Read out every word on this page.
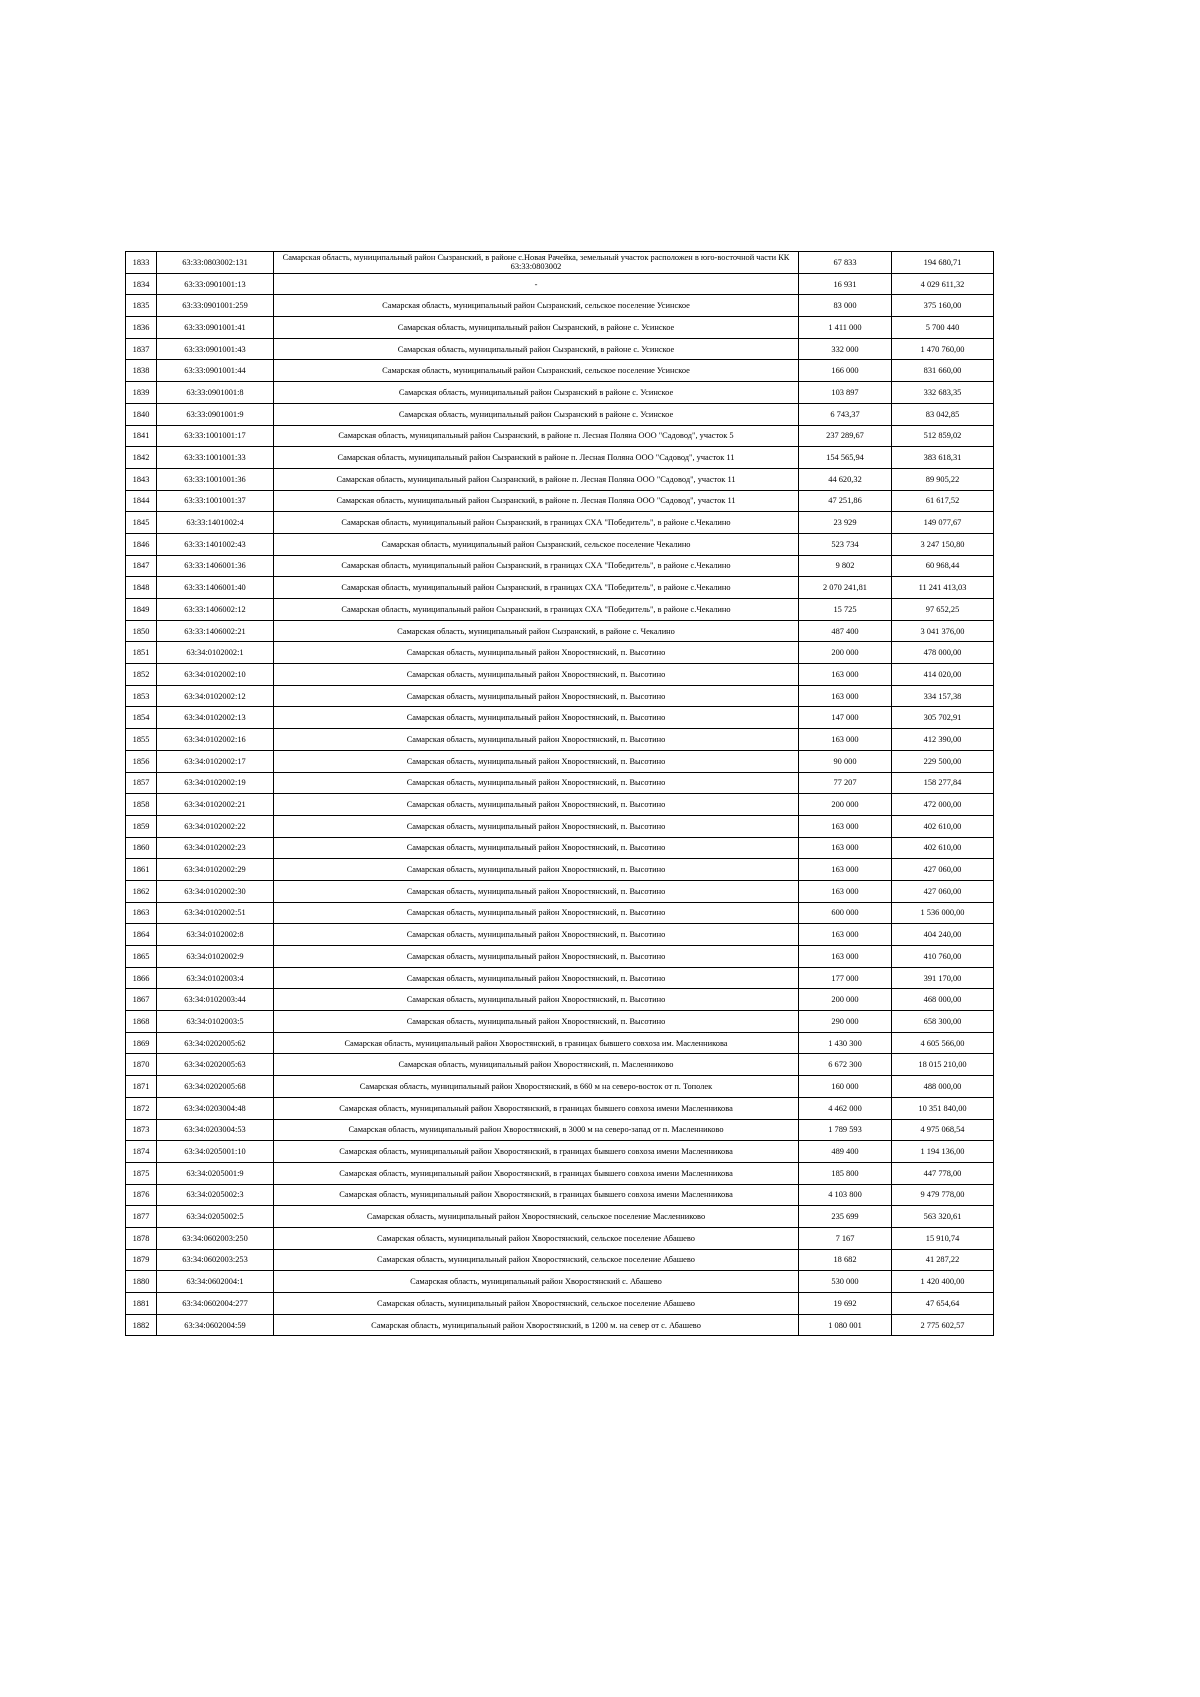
1833	63:33:0803002:131	Самарская область, муниципальный район Сызранский, в районе с.Новая Рачейка, земельный участок расположен в юго-восточной части КК 63:33:0803002	67 833	194 680,71
1834	63:33:0901001:13	-	16 931	4 029 611,32
1835	63:33:0901001:259	Самарская область, муниципальный район Сызранский, сельское поселение Усинское	83 000	375 160,00
1836	63:33:0901001:41	Самарская область, муниципальный район Сызранский, в районе с. Усинское	1 411 000	5 700 440
1837	63:33:0901001:43	Самарская область, муниципальный район Сызранский, в районе с. Усинское	332 000	1 470 760,00
1838	63:33:0901001:44	Самарская область, муниципальный район Сызранский, сельское поселение Усинское	166 000	831 660,00
1839	63:33:0901001:8	Самарская область, муниципальный район Сызранский в районе с. Усинское	103 897	332 683,35
1840	63:33:0901001:9	Самарская область, муниципальный район Сызранский в районе с. Усинское	6 743,37	83 042,85
1841	63:33:1001001:17	Самарская область, муниципальный район Сызранский, в районе п. Лесная Поляна ООО "Садовод", участок 5	237 289,67	512 859,02
1842	63:33:1001001:33	Самарская область, муниципальный район Сызранский в районе п. Лесная Поляна ООО "Садовод", участок 11	154 565,94	383 618,31
1843	63:33:1001001:36	Самарская область, муниципальный район Сызранский, в районе п. Лесная Поляна ООО "Садовод", участок 11	44 620,32	89 905,22
1844	63:33:1001001:37	Самарская область, муниципальный район Сызранский, в районе п. Лесная Поляна ООО "Садовод", участок 11	47 251,86	61 617,52
1845	63:33:1401002:4	Самарская область, муниципальный район Сызранский, в границах СХА "Победитель", в районе с.Чекалино	23 929	149 077,67
1846	63:33:1401002:43	Самарская область, муниципальный район Сызранский, сельское поселение Чекалино	523 734	3 247 150,80
1847	63:33:1406001:36	Самарская область, муниципальный район Сызранский, в границах СХА "Победитель", в районе с.Чекалино	9 802	60 968,44
1848	63:33:1406001:40	Самарская область, муниципальный район Сызранский, в границах СХА "Победитель", в районе с.Чекалино	2 070 241,81	11 241 413,03
1849	63:33:1406002:12	Самарская область, муниципальный район Сызранский, в границах СХА "Победитель", в районе с.Чекалино	15 725	97 652,25
1850	63:33:1406002:21	Самарская область, муниципальный район Сызранский, в районе с. Чекалино	487 400	3 041 376,00
1851	63:34:0102002:1	Самарская область, муниципальный район Хворостянский, п. Высотино	200 000	478 000,00
1852	63:34:0102002:10	Самарская область, муниципальный район Хворостянский, п. Высотино	163 000	414 020,00
1853	63:34:0102002:12	Самарская область, муниципальный район Хворостянский, п. Высотино	163 000	334 157,38
1854	63:34:0102002:13	Самарская область, муниципальный район Хворостянский, п. Высотино	147 000	305 702,91
1855	63:34:0102002:16	Самарская область, муниципальный район Хворостянский, п. Высотино	163 000	412 390,00
1856	63:34:0102002:17	Самарская область, муниципальный район Хворостянский, п. Высотино	90 000	229 500,00
1857	63:34:0102002:19	Самарская область, муниципальный район Хворостянский, п. Высотино	77 207	158 277,84
1858	63:34:0102002:21	Самарская область, муниципальный район Хворостянский, п. Высотино	200 000	472 000,00
1859	63:34:0102002:22	Самарская область, муниципальный район Хворостянский, п. Высотино	163 000	402 610,00
1860	63:34:0102002:23	Самарская область, муниципальный район Хворостянский, п. Высотино	163 000	402 610,00
1861	63:34:0102002:29	Самарская область, муниципальный район Хворостянский, п. Высотино	163 000	427 060,00
1862	63:34:0102002:30	Самарская область, муниципальный район Хворостянский, п. Высотино	163 000	427 060,00
1863	63:34:0102002:51	Самарская область, муниципальный район Хворостянский, п. Высотино	600 000	1 536 000,00
1864	63:34:0102002:8	Самарская область, муниципальный район Хворостянский, п. Высотино	163 000	404 240,00
1865	63:34:0102002:9	Самарская область, муниципальный район Хворостянский, п. Высотино	163 000	410 760,00
1866	63:34:0102003:4	Самарская область, муниципальный район Хворостянский, п. Высотино	177 000	391 170,00
1867	63:34:0102003:44	Самарская область, муниципальный район Хворостянский, п. Высотино	200 000	468 000,00
1868	63:34:0102003:5	Самарская область, муниципальный район Хворостянский, п. Высотино	290 000	658 300,00
1869	63:34:0202005:62	Самарская область, муниципальный район Хворостянский, в границах бывшего совхоза им. Масленникова	1 430 300	4 605 566,00
1870	63:34:0202005:63	Самарская область, муниципальный район Хворостянский, п. Масленниково	6 672 300	18 015 210,00
1871	63:34:0202005:68	Самарская область, муниципальный район Хворостянский, в 660 м на северо-восток от п. Тополек	160 000	488 000,00
1872	63:34:0203004:48	Самарская область, муниципальный район Хворостянский, в границах бывшего совхоза имени Масленникова	4 462 000	10 351 840,00
1873	63:34:0203004:53	Самарская область, муниципальный район Хворостянский, в 3000 м на северо-запад от п. Масленниково	1 789 593	4 975 068,54
1874	63:34:0205001:10	Самарская область, муниципальный район Хворостянский, в границах бывшего совхоза имени Масленникова	489 400	1 194 136,00
1875	63:34:0205001:9	Самарская область, муниципальный район Хворостянский, в границах бывшего совхоза имени Масленникова	185 800	447 778,00
1876	63:34:0205002:3	Самарская область, муниципальный район Хворостянский, в границах бывшего совхоза имени Масленникова	4 103 800	9 479 778,00
1877	63:34:0205002:5	Самарская область, муниципальный район Хворостянский, сельское поселение Масленниково	235 699	563 320,61
1878	63:34:0602003:250	Самарская область, муниципальный район Хворостянский, сельское поселение Абашево	7 167	15 910,74
1879	63:34:0602003:253	Самарская область, муниципальный район Хворостянский, сельское поселение Абашево	18 682	41 287,22
1880	63:34:0602004:1	Самарская область, муниципальный район Хворостянский с. Абашево	530 000	1 420 400,00
1881	63:34:0602004:277	Самарская область, муниципальный район Хворостянский, сельское поселение Абашево	19 692	47 654,64
1882	63:34:0602004:59	Самарская область, муниципальный район Хворостянский, в 1200 м. на север от с. Абашево	1 080 001	2 775 602,57
